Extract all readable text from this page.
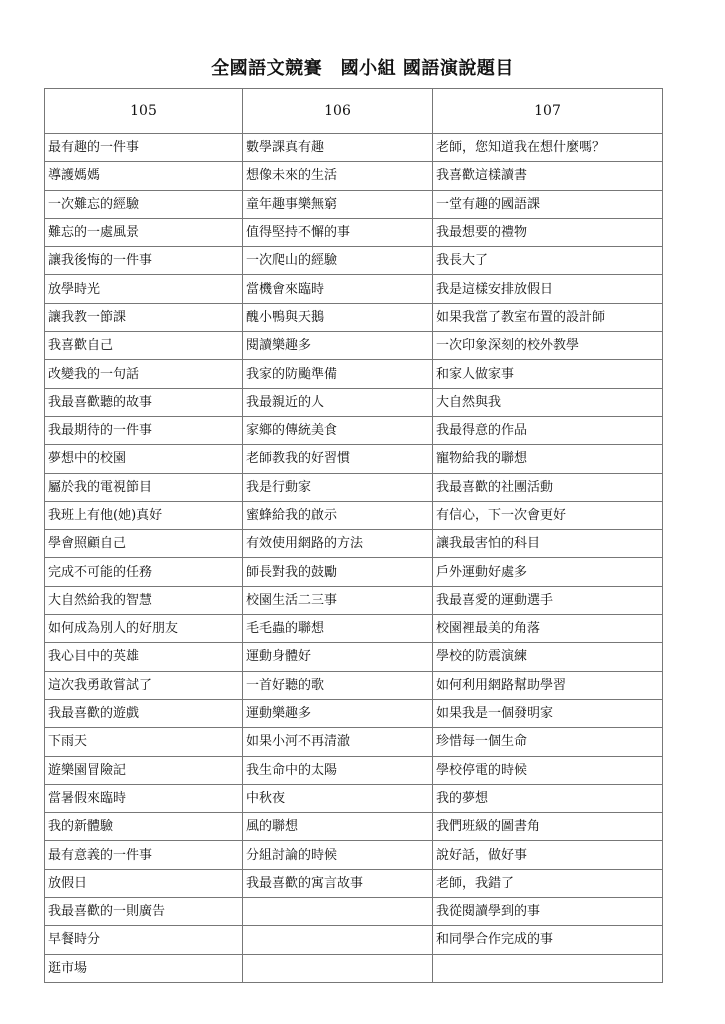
全國語文競賽　國小組 國語演說題目
105	106	107
最有趣的一件事	數學課真有趣	老師，您知道我在想什麼嗎？
導護媽媽	想像未來的生活	我喜歡這樣讀書
一次難忘的經驗	童年趣事樂無窮	一堂有趣的國語課
難忘的一處風景	值得堅持不懈的事	我最想要的禮物
讓我後悔的一件事	一次爬山的經驗	我長大了
放學時光	當機會來臨時	我是這樣安排放假日
讓我教一節課	醜小鴨與天鵝	如果我當了教室布置的設計師
我喜歡自己	閱讀樂趣多	一次印象深刻的校外教學
改變我的一句話	我家的防颱準備	和家人做家事
我最喜歡聽的故事	我最親近的人	大自然與我
我最期待的一件事	家鄉的傳統美食	我最得意的作品
夢想中的校園	老師教我的好習慣	寵物給我的聯想
屬於我的電視節目	我是行動家	我最喜歡的社團活動
我班上有他(她)真好	蜜蜂給我的啟示	有信心，下一次會更好
學會照顧自己	有效使用網路的方法	讓我最害怕的科目
完成不可能的任務	師長對我的鼓勵	戶外運動好處多
大自然給我的智慧	校園生活二三事	我最喜愛的運動選手
如何成為別人的好朋友	毛毛蟲的聯想	校園裡最美的角落
我心目中的英雄	運動身體好	學校的防震演練
這次我勇敢嘗試了	一首好聽的歌	如何利用網路幫助學習
我最喜歡的遊戲	運動樂趣多	如果我是一個發明家
下雨天	如果小河不再清澈	珍惜每一個生命
遊樂園冒險記	我生命中的太陽	學校停電的時候
當暑假來臨時	中秋夜	我的夢想
我的新體驗	風的聯想	我們班級的圖書角
最有意義的一件事	分組討論的時候	說好話，做好事
放假日	我最喜歡的寓言故事	老師，我錯了
我最喜歡的一則廣告		我從閱讀學到的事
早餐時分		和同學合作完成的事
逛市場		
